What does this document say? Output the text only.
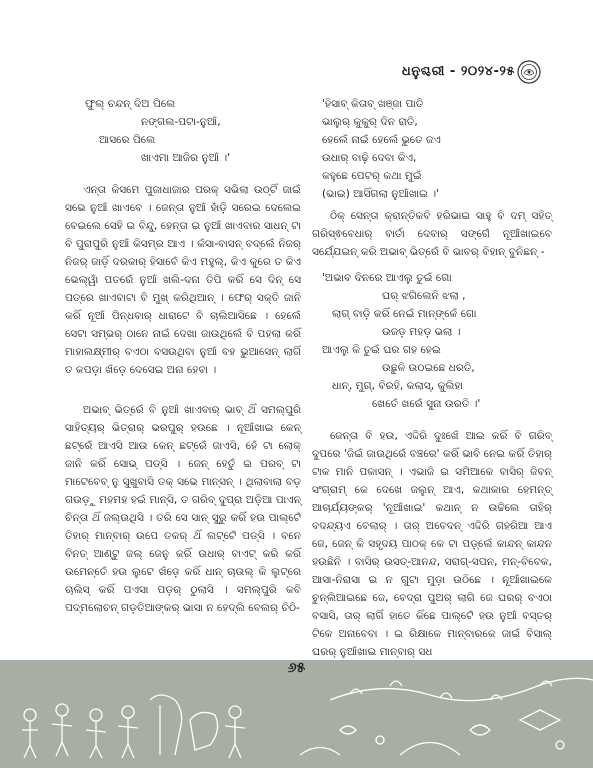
ଧନୁଶ୍ଚରୀ - ୨୦୨୪-୨୫
ଫୁଲ୍ ଚନ୍ଦନ୍ ଦିଅ ପିଲେ
ନଙ୍ଗଲ-ପଟା-ନୁଆଁ,
ଆସରେ ପିଲେ
ଖାଏମା ଆଜିର ନୁଆଁ ।'

ଏନ୍ତା କିସମେ ପୁଜାଧାଜାର ପରକ୍ ସଭିଲା ଉଠ୍ଟିଁ ଜାଇଁ ସଭେ ନୁଆଁ ଖାଏବେ । ଜେନ୍ତା ନୁଆଁ ହାଁଡ଼ି ସରେଇ ଦେଲେଇ ବେଇଲେ ସେହି ଇ ବିନ୍ଦୁ, ହେନ୍ତା ଇ ନୁଆଁ ଖାଏବାର ସାଧନ୍ ଟା ବି ପୁରାପୁରି ନୁଆଁ କିସମ୍ର ଆଏ । କଁସା-ବାସନ୍ ବଦ୍ଲେଁ ନିଜର୍ ନିଜର୍ ଜାଡ଼ିଁ ଦରକାର୍ ହିସାବେଁ କିଏ ମହୁଲ୍, କିଏ କୁରେ ତ କିଏ ଭେଲ୍ୱାଁ ପତରେଁ ନୁଆଁ ଖଲି-ଦନା ତିପି କରିଁ ସେ ଦିନ୍ ସେ ପତ୍ରେ ଖାଏବାଟା ବି ମୁଖ୍ କରିଥିଆନ୍ । ଫେର୍ ସକ୍ତି ଜାନି କରିଁ ନୂଆଁ ପିନ୍ଧବାର୍ ଧାରାଟେ ବି ଚାଲିଆସିଛେ । ହେଲେଁ ସେଟା ସମ୍ଭର୍ ଠାନେ ନାଇଁ ଦେଖା ଜାଉଥିଲେଁ ବି ପହଲା କରିଁ ମାହାଲକ୍ଷ୍ମୀର୍ ବଏଠା ବସଉଥିବା ନୁଆଁ ବହ ଭୁଆସେନ୍ ଲାଗିଁ ତ କପଡ଼ା ଖଁଡ଼େ ଦେସେଇ ଅନା ହେବା ।

ଅଭାବ୍ ଭିତ୍ରେଁ ବି ନୁଆଁ ଖାଏବାର୍ ଭାବ୍ ଥିଁ ସମଲ୍ପୁରି ସାହିତ୍ୟର୍ ଭିତ୍ରାର୍ ଭରପୁର୍ ହଉଛେ । ନୂଆଁଖାଇ କେନ୍ ଛଟ୍ରେଁ ଆଏସି ଆଉ କେନ୍ ଛଟ୍ରେଁ ଜାଏସି, ହେଁ ଟା ଲୋକ୍ ଜାନି କରିଁ ସୋଭ୍ ପଡ୍ସି । ଜେନ୍ ହେତୁଁ ଇ ପରବ୍ ଟା ମାଟେବେବ୍ ନୁ ସୁଖୁବାସି ତକ୍ ସଭେ ମାନ୍ସନ୍ । ଥିଲାବାଲା ବଡ଼ ଗଉଡ଼ୁ ମହମହ ହଇଁ ମାନ୍ସି, ତ ଗରିବ୍ ଦୁପ୍ରା ଅଡ଼ିଆ ପାଏନ୍ ଚିନ୍ତା ଥିଁ ଜଲ୍ଉଥିସି । ତରି ସେ ସାନ୍ ସୁରୁ କରିଁ ହଉ ପାଲ୍ଟେଁ ତିହାର୍ ମାନ୍ବାର୍ ଉପେ ତକର୍ ଥିଁ ଲଟ୍ଟେଁ ପଡ୍ସି । ବନେ ବିନତ୍ ଆଣ୍ଟୁ ଜଲ୍ ଜେନୁ କରିଁ ଉଧାର୍ ବାଏଟ୍ କରି କରିଁ ଉମେନ୍ତେଁ ହଉ ଲୁଟେ ଖଁଡ଼େ କରିଁ ଧାନ୍ ଚାଉଲ୍ କି ଲୁଟ୍ରେ ଚାଲିସ୍ କରିଁ ପଏସା ପଡ଼ର୍ ଠୁଲାସି । ସମଲ୍ପୁରି କବି ପଦ୍ମଲୋଚନ୍ ଗଡ଼ତିଆଙ୍କର୍ ଭାସା ନ ହେଦ୍ଲି ବେଲର୍ ଚିଠି-

'ହିସାବ୍ କିତାବ୍ ଖଞ୍ଜା ପାତି
ଭାଲୁର୍ କୁକୁର୍ ଦିନ ରାତି,
ହେଲେଁ ନାଇଁ ହେଲେଁ ଭୁତେ ଜଏ
ଉଧାର୍ ବାଢ଼ି ଦେବା କିଏ,
କହୁଛେ ପେଟର୍ କଥା ମୁଇଁ
(ଭାଇ) ଆସିଁଗଲା ନୁଆଁଖାଇ ।'

ଠିକ୍ ସେନ୍ତା କ୍ରାନ୍ତିକବି ହରିଭାଇ ସାହୁ ବି ଦମ୍ ସହିତ୍ ଗରିସ୍ଵବେଧାର୍ ବାର୍ତା ଦେବାର୍ ସଙ୍ଗେଁ ନୂଆଁଖାଇବେ ସର୍ଯେ୍ଯଇନ୍ କରି ଅଭାବ୍ ଭିତ୍ରେଁ ବି ଭାବର୍ ବିହାନ୍ ବୁନିଛନ୍ -

'ଅଭାବ ଦିନରେ ଆଏଲୁ ତୁଇଁ ଗୋ
ଘର୍ ଝଗିଲେନି ଝଲା ,
ଲାଗ୍ ବାଡ଼ି କରିଁ ନେଇଁ ମାନ୍ଙ୍କେଁ ଗୋ
ଉଜଡ଼ ମହଡ଼ ଭଲା ।
ଆଏଲୁ କି ତୁଇଁ ଘର ଗହ ହେଇ
ଉଛୁଳି ଉଠଇଛେ ଧରତି,
ଧାନ୍, ମୁଗ୍, ବିରହି, କଲାସ୍, କୁଲିହା
ଖେତେଁ ଖରେଁ ସୁନା ଉରତି ।'

ଜେନ୍ତା ବି ହଉ, ଏଦ୍ଦିରି ଦୁଃଖେଁ ଆଇ କରିଁ ବି ଗରିବ୍ ଦୁପରେ 'ଜିଇଁ ଜାଉଥିରେଁ ବଞ୍ଚରେ' କରିଁ ଭାବି ନେଇ କରିଁ ତିହାର୍ ଟାକ ମାନି ପକାସନ୍ । ଏଭାଜି ଇ ସମିଆକେ ବାସିର୍ ଜିବନ୍ ସଂଗ୍ରାମ୍ କେ ଦେଖେ ଜଲୁନ୍ ଆଏ, କଥାକାର ହେମନ୍ତ୍ ଆଚାର୍ଯ୍ୟଙ୍କର୍ 'ନୂଆଁଖାଇ' କଥାନ୍ ନ ଉଚ୍ଚିଲେ ତାହିର୍ ବଦନ୍ଦ୍ୟଏ ବେଲାର୍ । ତାର୍ ଅବେଦନ୍ ଏଦ୍ଦିରି ଗହରିଆ ଆଏ ଜେ, ଜେନ୍ କି ସହୃଦୟ ପାଠକ୍ କେ ଟା ପଡ଼୍ଲେଁ କାନ୍ଦନ୍ କାନ୍ଦନ ହଉଛିନି । ବାସିର୍ ଉସତ୍-ଆନନ୍ଦ, ସରାଗ୍-ସପନ, ମନ୍-ବିବେକ, ଆସା-ନିରାସା ଇ ନ ଗୁଟା ମୁଡ଼ା ଉଠିଛେ । ନୂଆଁଖାଇକେ ଚୁନ୍ଲିଆଇଛେ ଜେ, ବେଦ୍ରା ପୁଅର୍ ଲାଗି ଜେ ଘରର୍ ବଏଠା ବସାସି, ତାର୍ ଲାଗିଁ ହାତେ କିଁଛେ ପାଲ୍ଟେଁ ହଉ ନୁଆଁ ବସ୍ତର୍ ଟିକେ ଅନାବେବା । ଇ ରିକ୍ଷାକେ ମାନ୍ବାରକେ ଜାଇଁ ବିସାଲ୍ ଘରର୍ ନୁଆଁଖାଇ ମାନ୍ବାର୍ ସଧ

୬୫
